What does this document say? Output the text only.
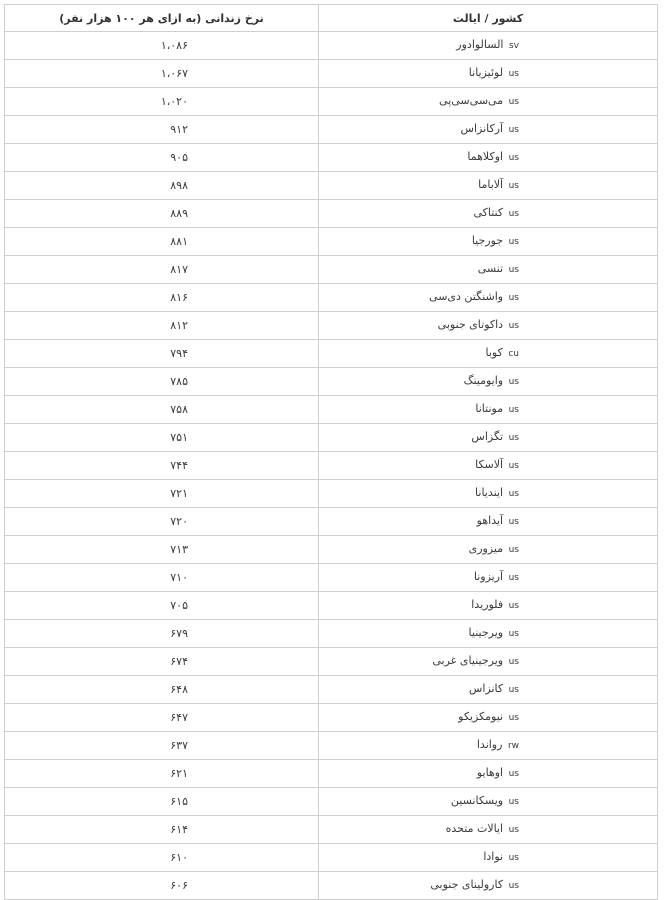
کشور / ایالت	نرخ زندانی (به ازای هر ۱۰۰ هزار نفر)
sv السالوادور	۱،۰۸۶
us لوئیزیانا	۱،۰۶۷
us می‌سی‌سی‌پی	۱،۰۲۰
us آرکانزاس	۹۱۲
us اوکلاهما	۹۰۵
us آلاباما	۸۹۸
us کنتاکی	۸۸۹
us جورجیا	۸۸۱
us تنسی	۸۱۷
us واشنگتن دی‌سی	۸۱۶
us داکوتای جنوبی	۸۱۲
cu کوبا	۷۹۴
us وایومینگ	۷۸۵
us مونتانا	۷۵۸
us تگزاس	۷۵۱
us آلاسکا	۷۴۴
us ایندیانا	۷۲۱
us آیداهو	۷۲۰
us میزوری	۷۱۳
us آریزونا	۷۱۰
us فلوریدا	۷۰۵
us ویرجینیا	۶۷۹
us ویرجینیای غربی	۶۷۴
us کانزاس	۶۴۸
us نیومکزیکو	۶۴۷
rw رواندا	۶۳۷
us اوهایو	۶۲۱
us ویسکانسین	۶۱۵
us ایالات متحده	۶۱۴
us نوادا	۶۱۰
us کارولینای جنوبی	۶۰۶
